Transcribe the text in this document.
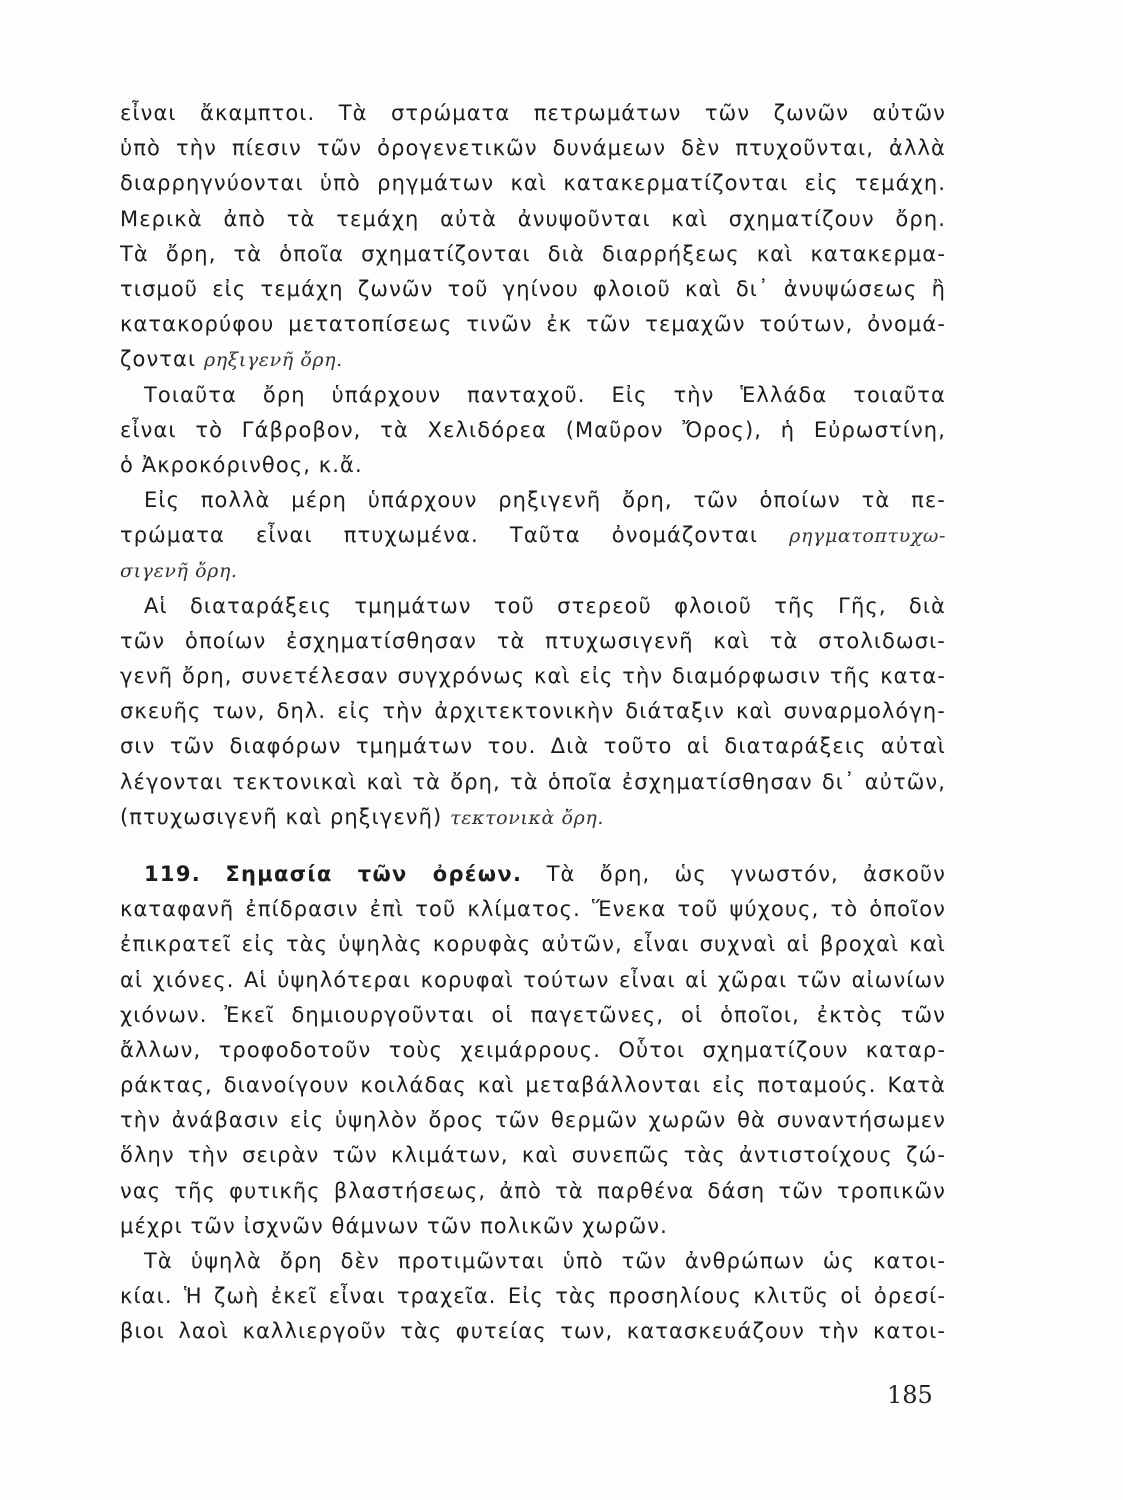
εἶναι ἄκαμπτοι. Τὰ στρώματα πετρωμάτων τῶν ζωνῶν αὐτῶν
ὑπὸ τὴν πίεσιν τῶν ὀρογενετικῶν δυνάμεων δὲν πτυχοῦνται, ἀλλὰ
διαρρηγνύονται ὑπὸ ρηγμάτων καὶ κατακερματίζονται εἰς τεμάχη.
Μερικὰ ἀπὸ τὰ τεμάχη αὐτὰ ἀνυψοῦνται καὶ σχηματίζουν ὄρη.
Τὰ ὄρη, τὰ ὁποῖα σχηματίζονται διὰ διαρρήξεως καὶ κατακερμα-
τισμοῦ εἰς τεμάχη ζωνῶν τοῦ γηίνου φλοιοῦ καὶ δι᾽ ἀνυψώσεως ἢ
κατακορύφου μετατοπίσεως τινῶν ἐκ τῶν τεμαχῶν τούτων, ὀνομά-
ζονται ρηξιγενῆ ὄρη.
Τοιαῦτα ὄρη ὑπάρχουν πανταχοῦ. Εἰς τὴν Ἑλλάδα τοιαῦτα
εἶναι τὸ Γάβροβον, τὰ Χελιδόρεα (Μαῦρον Ὄρος), ἡ Εὐρωστίνη,
ὁ Ἀκροκόρινθος, κ.ἄ.
Εἰς πολλὰ μέρη ὑπάρχουν ρηξιγενῆ ὄρη, τῶν ὁποίων τὰ πε-
τρώματα εἶναι πτυχωμένα. Ταῦτα ὀνομάζονται ρηγματοπτυχω-
σιγενῆ ὄρη.
Αἱ διαταράξεις τμημάτων τοῦ στερεοῦ φλοιοῦ τῆς Γῆς, διὰ
τῶν ὁποίων ἐσχηματίσθησαν τὰ πτυχωσιγενῆ καὶ τὰ στολιδωσι-
γενῆ ὄρη, συνετέλεσαν συγχρόνως καὶ εἰς τὴν διαμόρφωσιν τῆς κατα-
σκευῆς των, δηλ. εἰς τὴν ἀρχιτεκτονικὴν διάταξιν καὶ συναρμολόγη-
σιν τῶν διαφόρων τμημάτων του. Διὰ τοῦτο αἱ διαταράξεις αὐταὶ
λέγονται τεκτονικαὶ καὶ τὰ ὄρη, τὰ ὁποῖα ἐσχηματίσθησαν δι᾽ αὐτῶν,
(πτυχωσιγενῆ καὶ ρηξιγενῆ) τεκτονικὰ ὄρη.
119. Σημασία τῶν ὀρέων. Τὰ ὄρη, ὡς γνωστόν, ἀσκοῦν
καταφανῆ ἐπίδρασιν ἐπὶ τοῦ κλίματος. Ἕνεκα τοῦ ψύχους, τὸ ὁποῖον
ἐπικρατεῖ εἰς τὰς ὑψηλὰς κορυφὰς αὐτῶν, εἶναι συχναὶ αἱ βροχαὶ καὶ
αἱ χιόνες. Αἱ ὑψηλότεραι κορυφαὶ τούτων εἶναι αἱ χῶραι τῶν αἰωνίων
χιόνων. Ἐκεῖ δημιουργοῦνται οἱ παγετῶνες, οἱ ὁποῖοι, ἐκτὸς τῶν
ἄλλων, τροφοδοτοῦν τοὺς χειμάρρους. Οὗτοι σχηματίζουν καταρ-
ράκτας, διανοίγουν κοιλάδας καὶ μεταβάλλονται εἰς ποταμούς. Κατὰ
τὴν ἀνάβασιν εἰς ὑψηλὸν ὄρος τῶν θερμῶν χωρῶν θὰ συναντήσωμεν
ὅλην τὴν σειρὰν τῶν κλιμάτων, καὶ συνεπῶς τὰς ἀντιστοίχους ζώ-
νας τῆς φυτικῆς βλαστήσεως, ἀπὸ τὰ παρθένα δάση τῶν τροπικῶν
μέχρι τῶν ἰσχνῶν θάμνων τῶν πολικῶν χωρῶν.
Τὰ ὑψηλὰ ὄρη δὲν προτιμῶνται ὑπὸ τῶν ἀνθρώπων ὡς κατοι-
κίαι. Ἡ ζωὴ ἐκεῖ εἶναι τραχεῖα. Εἰς τὰς προσηλίους κλιτῦς οἱ ὀρεσί-
βιοι λαοὶ καλλιεργοῦν τὰς φυτείας των, κατασκευάζουν τὴν κατοι-
185
